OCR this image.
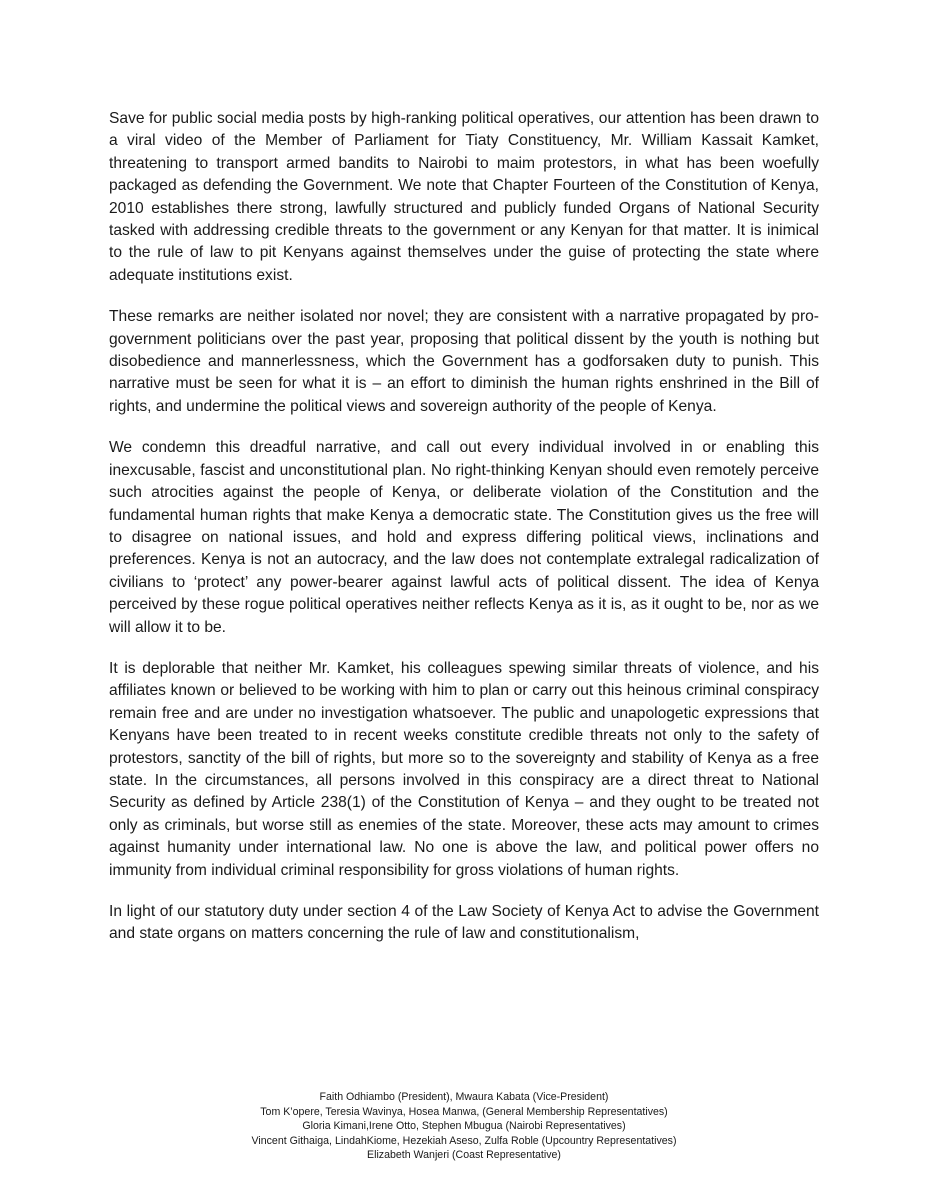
Save for public social media posts by high-ranking political operatives, our attention has been drawn to a viral video of the Member of Parliament for Tiaty Constituency, Mr. William Kassait Kamket, threatening to transport armed bandits to Nairobi to maim protestors, in what has been woefully packaged as defending the Government. We note that Chapter Fourteen of the Constitution of Kenya, 2010 establishes there strong, lawfully structured and publicly funded Organs of National Security tasked with addressing credible threats to the government or any Kenyan for that matter. It is inimical to the rule of law to pit Kenyans against themselves under the guise of protecting the state where adequate institutions exist.

These remarks are neither isolated nor novel; they are consistent with a narrative propagated by pro-government politicians over the past year, proposing that political dissent by the youth is nothing but disobedience and mannerlessness, which the Government has a godforsaken duty to punish. This narrative must be seen for what it is – an effort to diminish the human rights enshrined in the Bill of rights, and undermine the political views and sovereign authority of the people of Kenya.

We condemn this dreadful narrative, and call out every individual involved in or enabling this inexcusable, fascist and unconstitutional plan. No right-thinking Kenyan should even remotely perceive such atrocities against the people of Kenya, or deliberate violation of the Constitution and the fundamental human rights that make Kenya a democratic state. The Constitution gives us the free will to disagree on national issues, and hold and express differing political views, inclinations and preferences. Kenya is not an autocracy, and the law does not contemplate extralegal radicalization of civilians to ‘protect’ any power-bearer against lawful acts of political dissent. The idea of Kenya perceived by these rogue political operatives neither reflects Kenya as it is, as it ought to be, nor as we will allow it to be.

It is deplorable that neither Mr. Kamket, his colleagues spewing similar threats of violence, and his affiliates known or believed to be working with him to plan or carry out this heinous criminal conspiracy remain free and are under no investigation whatsoever. The public and unapologetic expressions that Kenyans have been treated to in recent weeks constitute credible threats not only to the safety of protestors, sanctity of the bill of rights, but more so to the sovereignty and stability of Kenya as a free state. In the circumstances, all persons involved in this conspiracy are a direct threat to National Security as defined by Article 238(1) of the Constitution of Kenya – and they ought to be treated not only as criminals, but worse still as enemies of the state. Moreover, these acts may amount to crimes against humanity under international law. No one is above the law, and political power offers no immunity from individual criminal responsibility for gross violations of human rights.

In light of our statutory duty under section 4 of the Law Society of Kenya Act to advise the Government and state organs on matters concerning the rule of law and constitutionalism,

Faith Odhiambo (President), Mwaura Kabata (Vice-President)
Tom K’opere, Teresia Wavinya, Hosea Manwa, (General Membership Representatives)
Gloria Kimani,Irene Otto, Stephen Mbugua (Nairobi Representatives)
Vincent Githaiga, LindahKiome, Hezekiah Aseso, Zulfa Roble (Upcountry Representatives)
Elizabeth Wanjeri (Coast Representative)
